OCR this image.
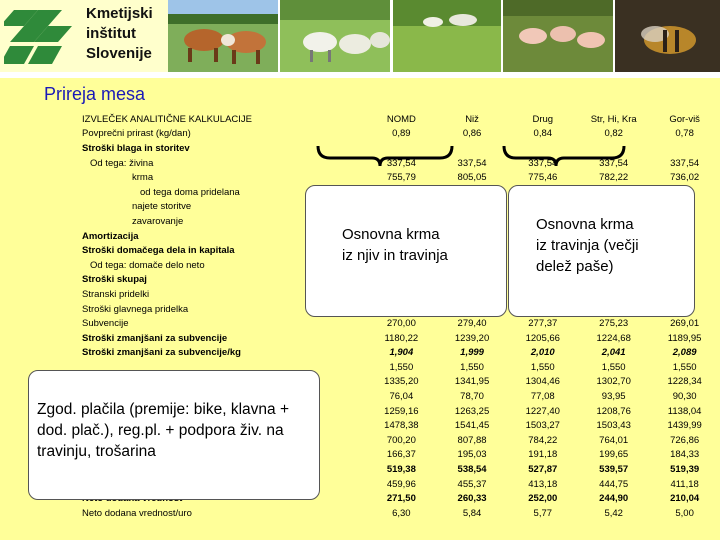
Kmetijski
inštitut
Slovenije
Prireja mesa
IZVLEČEK ANALITIČNE KALKULACIJE	NOMD	Niž	Drug	Str, Hi, Kra	Gor-viš
Povprečni prirast (kg/dan)	0,89	0,86	0,84	0,82	0,78
Stroški blaga in storitev					
Od tega: živina	337,54	337,54	337,54	337,54	337,54
krma	755,79	805,05	775,46	782,22	736,02
od tega doma pridelana					
najete storitve					
zavarovanje					
Amortizacija					
Stroški domačega dela in kapitala					
Od tega: domače delo neto					
Stroški skupaj					
Stranski pridelki					
Stroški glavnega pridelka					
Subvencije	270,00	279,40	277,37	275,23	269,01
Stroški zmanjšani za subvencije	1180,22	1239,20	1205,66	1224,68	1189,95
Stroški zmanjšani za subvencije/kg	1,904	1,999	2,010	2,041	2,089
	1,550	1,550	1,550	1,550	1,550
	1335,20	1341,95	1304,46	1302,70	1228,34
	76,04	78,70	77,08	93,95	90,30
	1259,16	1263,25	1227,40	1208,76	1138,04
	1478,38	1541,45	1503,27	1503,43	1439,99
	700,20	807,88	784,22	764,01	726,86
	166,37	195,03	191,18	199,65	184,33
	519,38	538,54	527,87	539,57	519,39
	459,96	455,37	413,18	444,75	411,18
	271,50	260,33	252,00	244,90	210,04
Neto dodana vrednost/uro	6,30	5,84	5,77	5,42	5,00
Osnovna krma
iz njiv in travinja
Osnovna krma
iz travinja (večji
delež paše)
Zgod. plačila (premije: bike, klavna + dod. plač.), reg.pl. + podpora živ. na travinju, trošarina
